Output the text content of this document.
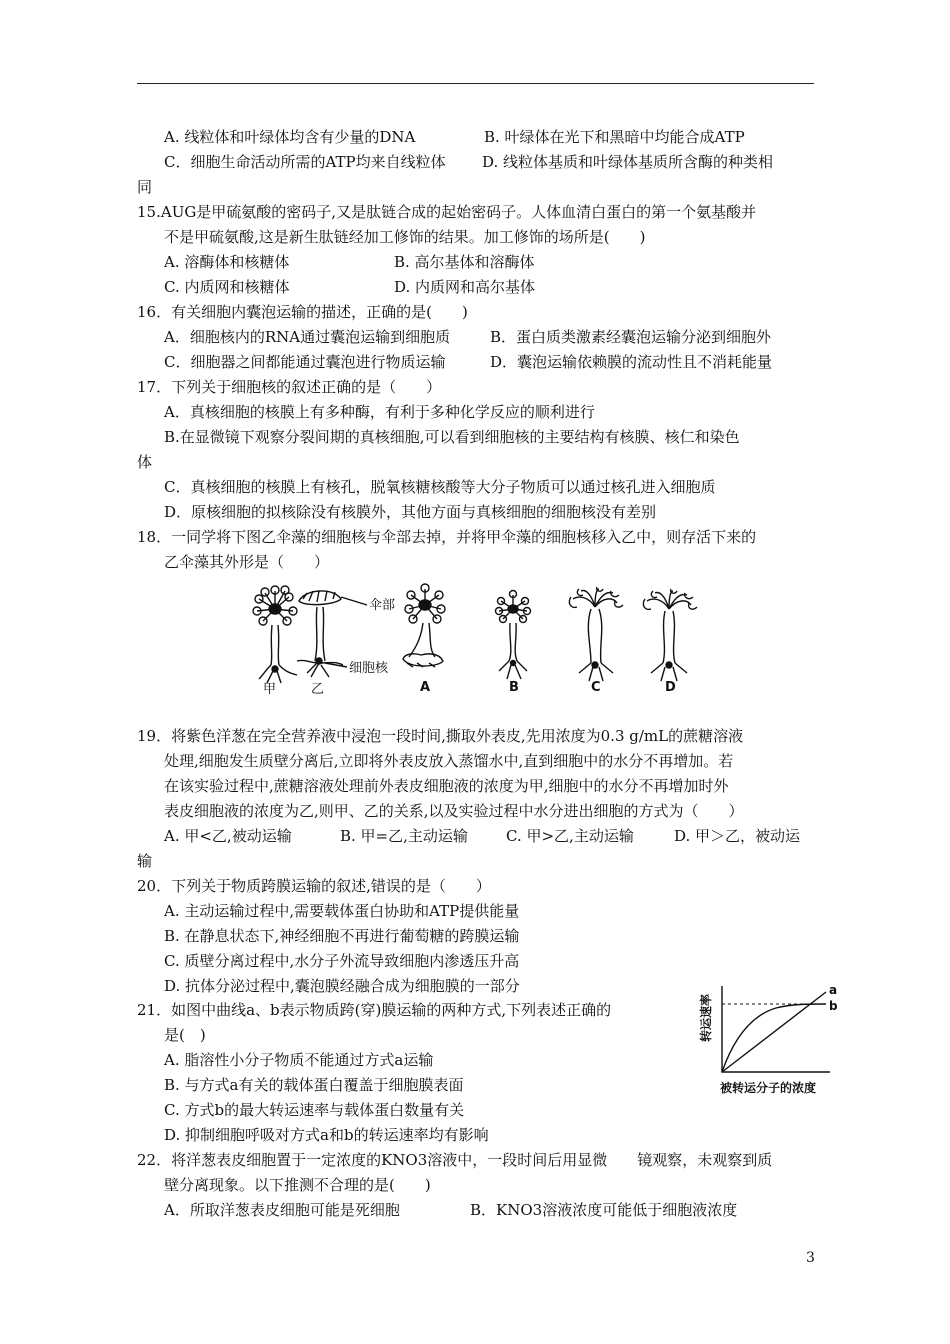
A. 线粒体和叶绿体均含有少量的DNA	B. 叶绿体在光下和黑暗中均能合成ATP
C．细胞生命活动所需的ATP均来自线粒体 D. 线粒体基质和叶绿体基质所含酶的种类相
同
15.AUG是甲硫氨酸的密码子,又是肽链合成的起始密码子。人体血清白蛋白的第一个氨基酸并
不是甲硫氨酸,这是新生肽链经加工修饰的结果。加工修饰的场所是(　　)
A. 溶酶体和核糖体	B. 高尔基体和溶酶体
C. 内质网和核糖体	D. 内质网和高尔基体
16．有关细胞内囊泡运输的描述，正确的是(　　)
A．细胞核内的RNA通过囊泡运输到细胞质	B．蛋白质类激素经囊泡运输分泌到细胞外
C．细胞器之间都能通过囊泡进行物质运输	D．囊泡运输依赖膜的流动性且不消耗能量
17．下列关于细胞核的叙述正确的是（　　）
A．真核细胞的核膜上有多种酶，有利于多种化学反应的顺利进行
B.在显微镜下观察分裂间期的真核细胞,可以看到细胞核的主要结构有核膜、核仁和染色
体
C．真核细胞的核膜上有核孔，脱氧核糖核酸等大分子物质可以通过核孔进入细胞质
D．原核细胞的拟核除没有核膜外，其他方面与真核细胞的细胞核没有差别
18．一同学将下图乙伞藻的细胞核与伞部去掉，并将甲伞藻的细胞核移入乙中，则存活下来的
乙伞藻其外形是（　　）
伞部
细胞核
甲	乙	A	B	C	D
19．将紫色洋葱在完全营养液中浸泡一段时间,撕取外表皮,先用浓度为0.3 g/mL的蔗糖溶液
处理,细胞发生质壁分离后,立即将外表皮放入蒸馏水中,直到细胞中的水分不再增加。若
在该实验过程中,蔗糖溶液处理前外表皮细胞液的浓度为甲,细胞中的水分不再增加时外
表皮细胞液的浓度为乙,则甲、乙的关系,以及实验过程中水分进出细胞的方式为（　　）
A. 甲<乙,被动运输	B. 甲=乙,主动运输	C. 甲>乙,主动运输	D. 甲＞乙，被动运
输
20．下列关于物质跨膜运输的叙述,错误的是（　　）
A. 主动运输过程中,需要载体蛋白协助和ATP提供能量
B. 在静息状态下,神经细胞不再进行葡萄糖的跨膜运输
C. 质壁分离过程中,水分子外流导致细胞内渗透压升高
D. 抗体分泌过程中,囊泡膜经融合成为细胞膜的一部分
21．如图中曲线a、b表示物质跨(穿)膜运输的两种方式,下列表述正确的
是(　)
A. 脂溶性小分子物质不能通过方式a运输
B. 与方式a有关的载体蛋白覆盖于细胞膜表面
C. 方式b的最大转运速率与载体蛋白数量有关
D. 抑制细胞呼吸对方式a和b的转运速率均有影响
a
b
被转运分子的浓度
转运速率
22．将洋葱表皮细胞置于一定浓度的KNO3溶液中，一段时间后用显微　　镜观察，未观察到质
壁分离现象。以下推测不合理的是(　　)
A．所取洋葱表皮细胞可能是死细胞	B．KNO3溶液浓度可能低于细胞液浓度
3
